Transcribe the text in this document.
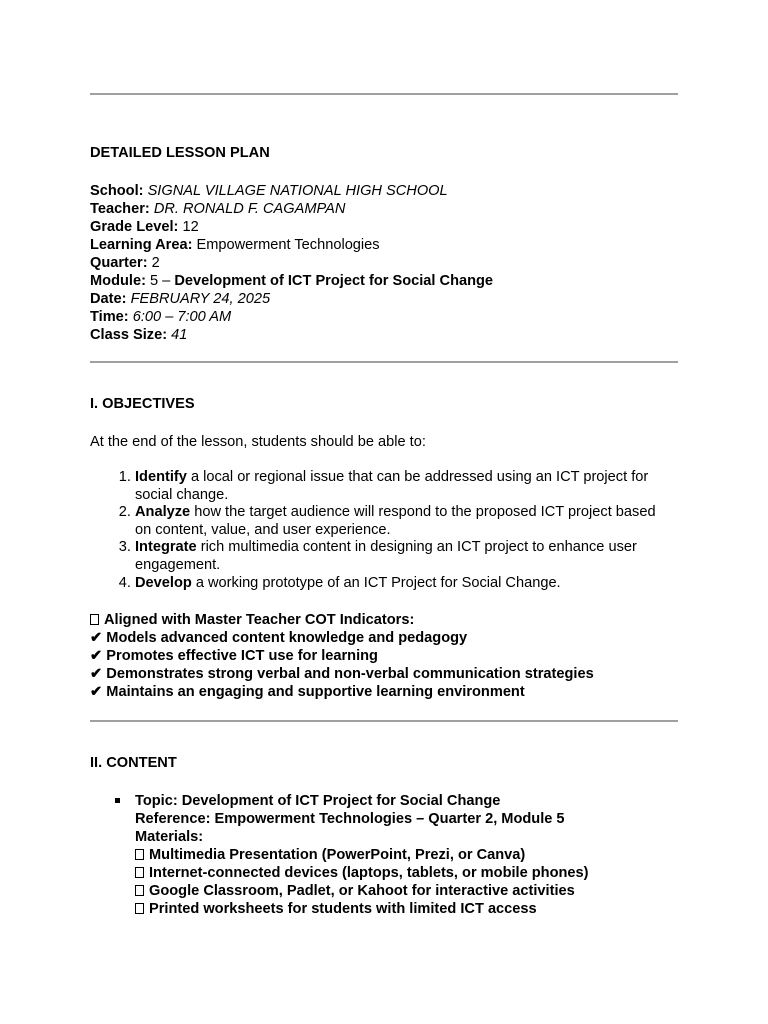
DETAILED LESSON PLAN
School: SIGNAL VILLAGE NATIONAL HIGH SCHOOL
Teacher: DR. RONALD F. CAGAMPAN
Grade Level: 12
Learning Area: Empowerment Technologies
Quarter: 2
Module: 5 – Development of ICT Project for Social Change
Date: FEBRUARY 24, 2025
Time: 6:00 – 7:00 AM
Class Size: 41
I. OBJECTIVES
At the end of the lesson, students should be able to:
1. Identify a local or regional issue that can be addressed using an ICT project for
social change.
2. Analyze how the target audience will respond to the proposed ICT project based
on content, value, and user experience.
3. Integrate rich multimedia content in designing an ICT project to enhance user
engagement.
4. Develop a working prototype of an ICT Project for Social Change.
Aligned with Master Teacher COT Indicators:
✔ Models advanced content knowledge and pedagogy
✔ Promotes effective ICT use for learning
✔ Demonstrates strong verbal and non-verbal communication strategies
✔ Maintains an engaging and supportive learning environment
II. CONTENT
Topic: Development of ICT Project for Social Change
Reference: Empowerment Technologies – Quarter 2, Module 5
Materials:
Multimedia Presentation (PowerPoint, Prezi, or Canva)
Internet-connected devices (laptops, tablets, or mobile phones)
Google Classroom, Padlet, or Kahoot for interactive activities
Printed worksheets for students with limited ICT access
